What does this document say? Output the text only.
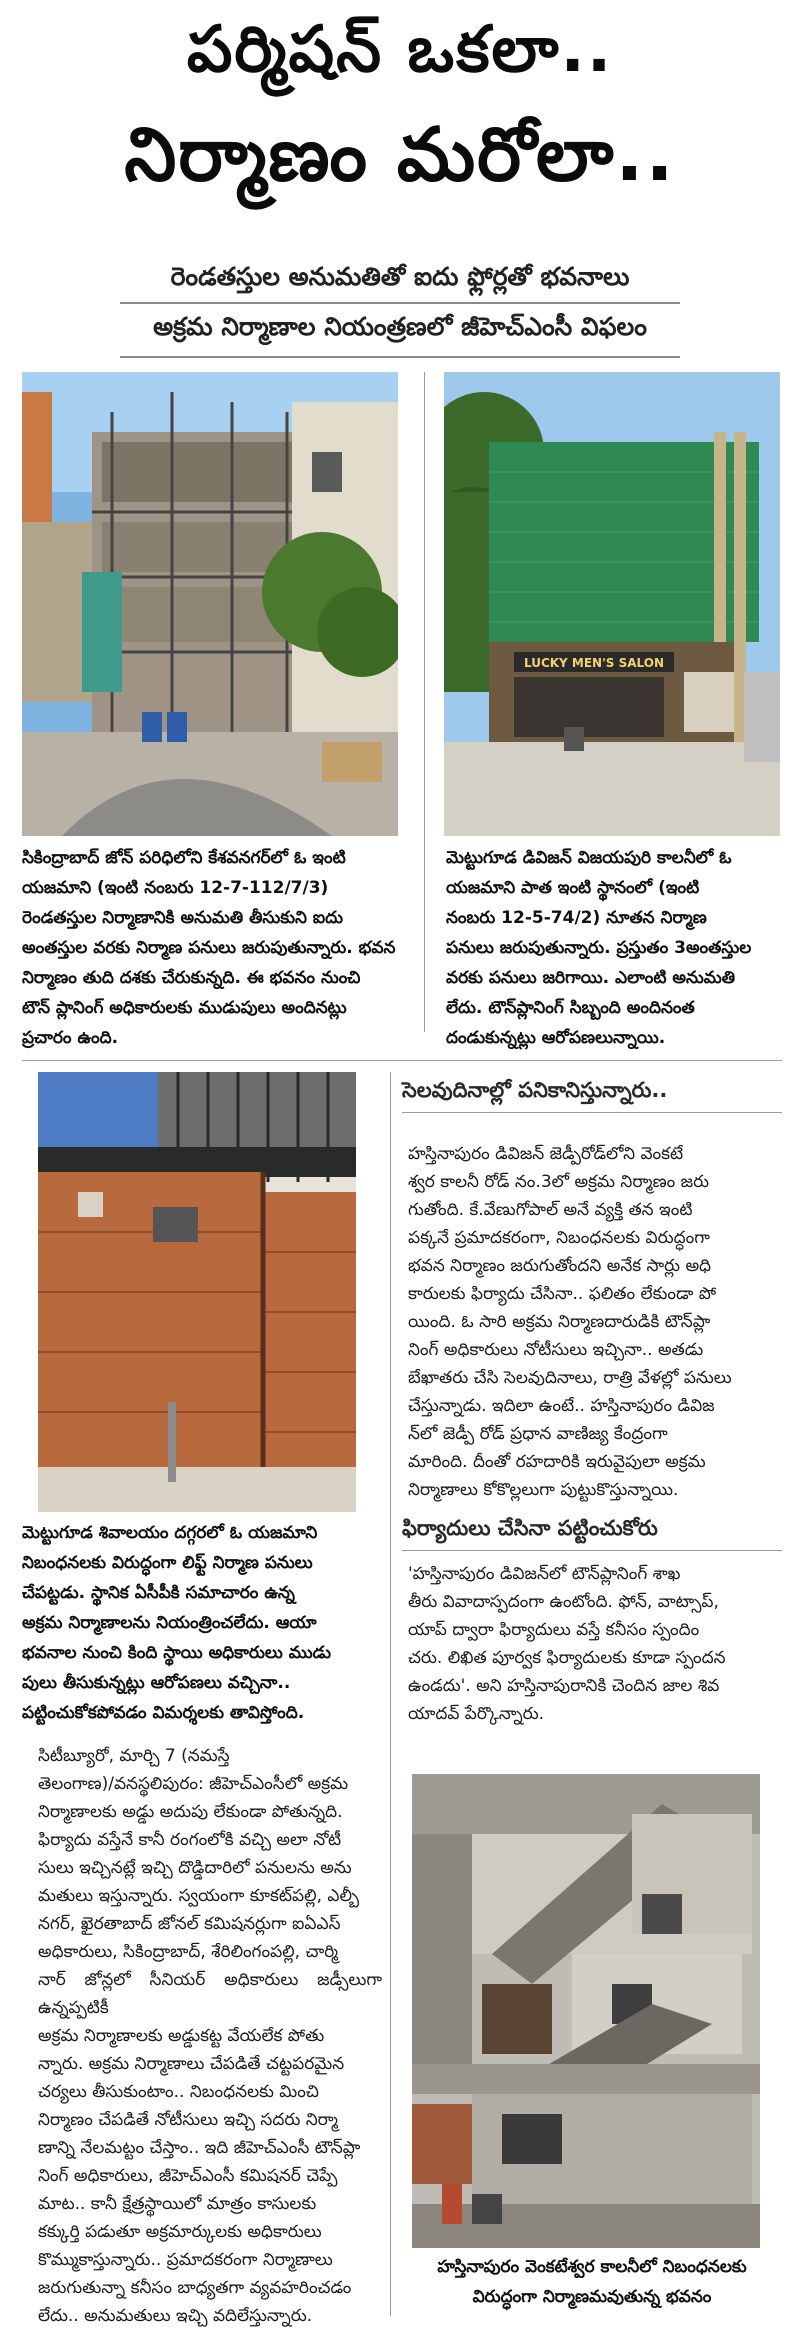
పర్మిషన్ ఒకలా..
నిర్మాణం మరోలా..
రెండతస్తుల అనుమతితో ఐదు ఫ్లోర్లతో భవనాలు
అక్రమ నిర్మాణాల నియంత్రణలో జీహెచ్ఎంసీ విఫలం
LUCKY MEN'S SALON
సికింద్రాబాద్ జోన్ పరిధిలోని కేశవనగర్‌లో ఓ ఇంటి
యజమాని (ఇంటి నంబరు 12-7-112/7/3)
రెండతస్తుల నిర్మాణానికి అనుమతి తీసుకుని ఐదు
అంతస్తుల వరకు నిర్మాణ పనులు జరుపుతున్నారు. భవన
నిర్మాణం తుది దశకు చేరుకున్నది. ఈ భవనం నుంచి
టౌన్ ప్లానింగ్ అధికారులకు ముడుపులు అందినట్లు
ప్రచారం ఉంది.
మెట్టుగూడ డివిజన్ విజయపురి కాలనీలో ఓ
యజమాని పాత ఇంటి స్థానంలో (ఇంటి
నంబరు 12-5-74/2) నూతన నిర్మాణ
పనులు జరుపుతున్నారు. ప్రస్తుతం 3అంతస్తుల
వరకు పనులు జరిగాయి. ఎలాంటి అనుమతి
లేదు. టౌన్‌ప్లానింగ్ సిబ్బంది అందినంత
దండుకున్నట్లు ఆరోపణలున్నాయి.
మెట్టుగూడ శివాలయం దగ్గరలో ఓ యజమాని
నిబంధనలకు విరుద్ధంగా లిఫ్ట్ నిర్మాణ పనులు
చేపట్టడు. స్థానిక ఏసీపీకి సమాచారం ఉన్న
అక్రమ నిర్మాణాలను నియంత్రించలేదు. ఆయా
భవనాల నుంచి కింది స్థాయి అధికారులు ముడు
పులు తీసుకున్నట్లు ఆరోపణలు వచ్చినా..
పట్టించుకోకపోవడం విమర్శలకు తావిస్తోంది.
సెలవుదినాల్లో పనికానిస్తున్నారు..
హస్తినాపురం డివిజన్ జెడ్పీరోడ్‌లోని వెంకటే
శ్వర కాలనీ రోడ్ నం.3లో అక్రమ నిర్మాణం జరు
గుతోంది. కే.వేణుగోపాల్ అనే వ్యక్తి తన ఇంటి
పక్కనే ప్రమాదకరంగా, నిబంధనలకు విరుద్ధంగా
భవన నిర్మాణం జరుగుతోందని అనేక సార్లు అధి
కారులకు ఫిర్యాదు చేసినా.. ఫలితం లేకుండా పో
యింది. ఓ సారి అక్రమ నిర్మాణదారుడికి టౌన్‌ప్లా
నింగ్ అధికారులు నోటీసులు ఇచ్చినా.. అతడు
బేఖాతరు చేసి సెలవుదినాలు, రాత్రి వేళల్లో పనులు
చేస్తున్నాడు. ఇదిలా ఉంటే.. హస్తినాపురం డివిజ
న్‌లో జెడ్పీ రోడ్ ప్రధాన వాణిజ్య కేంద్రంగా
మారింది. దీంతో రహదారికి ఇరువైపులా అక్రమ
నిర్మాణాలు కోకొల్లలుగా పుట్టుకొస్తున్నాయి.
ఫిర్యాదులు చేసినా పట్టించుకోరు
'హస్తినాపురం డివిజన్‌లో టౌన్‌ప్లానింగ్ శాఖ
తీరు వివాదాస్పదంగా ఉంటోంది. ఫోన్, వాట్సాప్,
యాప్ ద్వారా ఫిర్యాదులు వస్తే కనీసం స్పందిం
చరు. లిఖిత పూర్వక ఫిర్యాదులకు కూడా స్పందన
ఉండదు'. అని హస్తినాపురానికి చెందిన జాల శివ
యాదవ్ పేర్కొన్నారు.
హస్తినాపురం వెంకటేశ్వర కాలనీలో నిబంధనలకు
విరుద్ధంగా నిర్మాణమవుతున్న భవనం
సిటీబ్యూరో, మార్చి 7 (నమస్తే
తెలంగాణ)/వనస్థలిపురం: జీహెచ్ఎంసీలో అక్రమ
నిర్మాణాలకు అడ్డు అదుపు లేకుండా పోతున్నది.
ఫిర్యాదు వస్తేనే కానీ రంగంలోకి వచ్చి అలా నోటీ
సులు ఇచ్చినట్లే ఇచ్చి దొడ్డిదారిలో పనులను అను
మతులు ఇస్తున్నారు. స్వయంగా కూకట్‌పల్లి, ఎల్బీ
నగర్, ఖైరతాబాద్ జోనల్ కమిషనర్లుగా ఐఏఎస్
అధికారులు, సికింద్రాబాద్, శేరిలింగంపల్లి, చార్మి
నార్ జోన్లలో సీనియర్ అధికారులు జడ్సీలుగా ఉన్నప్పటికీ
అక్రమ నిర్మాణాలకు అడ్డుకట్ట వేయలేక పోతు
న్నారు. అక్రమ నిర్మాణాలు చేపడితే చట్టపరమైన
చర్యలు తీసుకుంటాం.. నిబంధనలకు మించి
నిర్మాణం చేపడితే నోటీసులు ఇచ్చి సదరు నిర్మా
ణాన్ని నేలమట్టం చేస్తాం.. ఇది జీహెచ్ఎంసీ టౌన్‌ప్లా
నింగ్ అధికారులు, జీహెచ్ఎంసీ కమిషనర్ చెప్పే
మాట.. కానీ క్షేత్రస్థాయిలో మాత్రం కాసులకు
కక్కుర్తి పడుతూ అక్రమార్కులకు అధికారులు
కొమ్ముకాస్తున్నారు.. ప్రమాదకరంగా నిర్మాణాలు
జరుగుతున్నా కనీసం బాధ్యతగా వ్యవహరించడం
లేదు.. అనుమతులు ఇచ్చి వదిలేస్తున్నారు.
